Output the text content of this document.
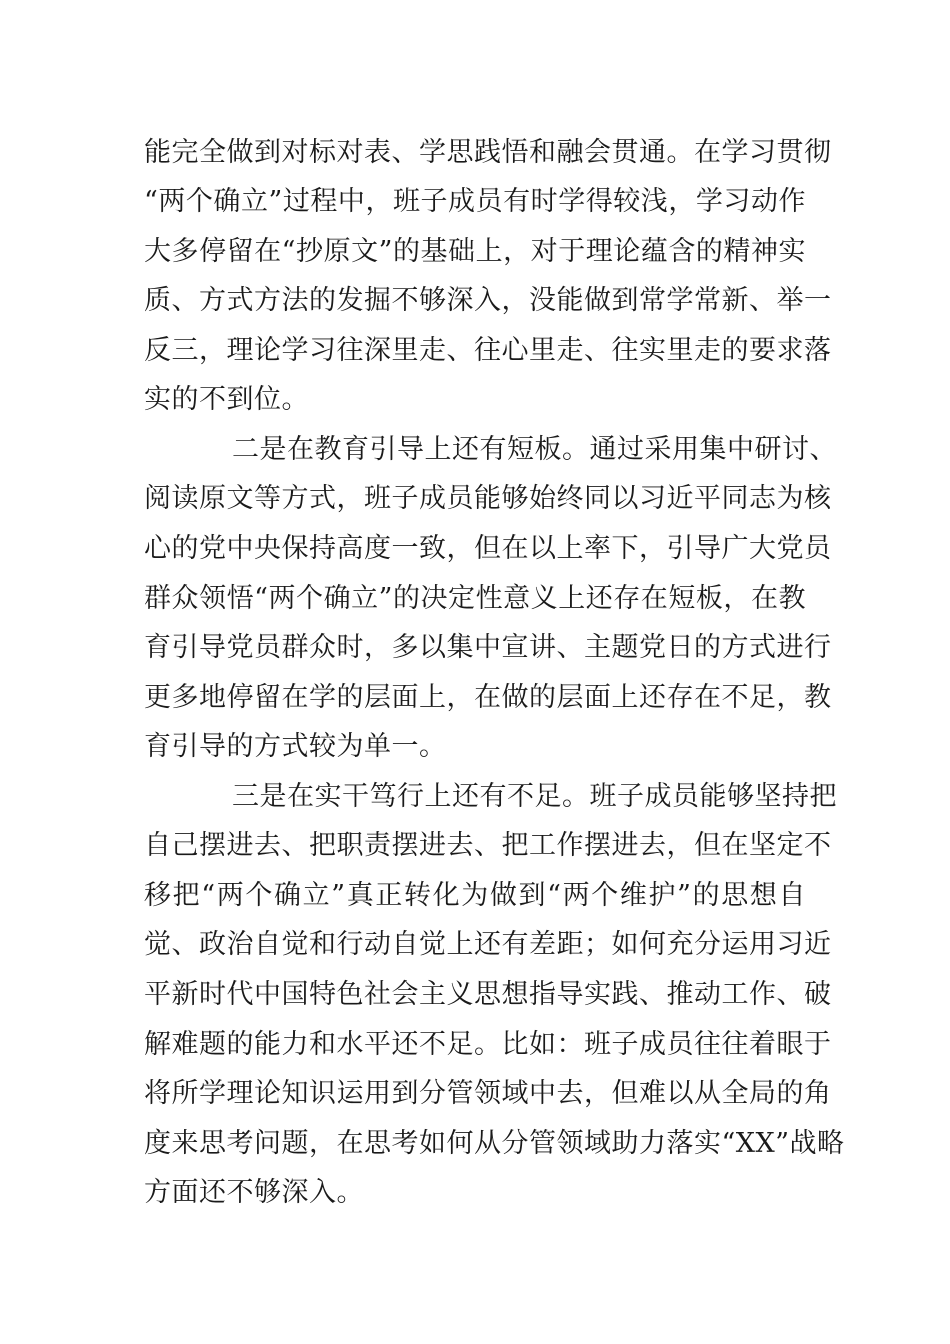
能完全做到对标对表、学思践悟和融会贯通。在学习贯彻
“两个确立”过程中，班子成员有时学得较浅，学习动作
大多停留在“抄原文”的基础上，对于理论蕴含的精神实
质、方式方法的发掘不够深入，没能做到常学常新、举一
反三，理论学习往深里走、往心里走、往实里走的要求落
实的不到位。
二是在教育引导上还有短板。通过采用集中研讨、
阅读原文等方式，班子成员能够始终同以习近平同志为核
心的党中央保持高度一致，但在以上率下，引导广大党员
群众领悟“两个确立”的决定性意义上还存在短板，在教
育引导党员群众时，多以集中宣讲、主题党日的方式进行
更多地停留在学的层面上，在做的层面上还存在不足，教
育引导的方式较为单一。
三是在实干笃行上还有不足。班子成员能够坚持把
自己摆进去、把职责摆进去、把工作摆进去，但在坚定不
移把“两个确立”真正转化为做到“两个维护”的思想自
觉、政治自觉和行动自觉上还有差距；如何充分运用习近
平新时代中国特色社会主义思想指导实践、推动工作、破
解难题的能力和水平还不足。比如：班子成员往往着眼于
将所学理论知识运用到分管领域中去，但难以从全局的角
度来思考问题，在思考如何从分管领域助力落实“XX”战略
方面还不够深入。
